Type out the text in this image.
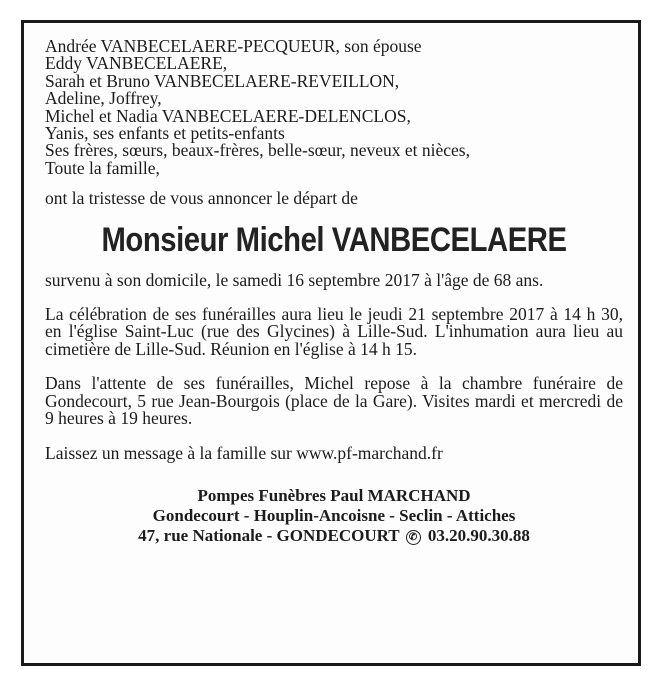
Andrée VANBECELAERE-PECQUEUR, son épouse
Eddy VANBECELAERE,
Sarah et Bruno VANBECELAERE-REVEILLON,
Adeline, Joffrey,
Michel et Nadia VANBECELAERE-DELENCLOS,
Yanis, ses enfants et petits-enfants
Ses frères, sœurs, beaux-frères, belle-sœur, neveux et nièces,
Toute la famille,
ont la tristesse de vous annoncer le départ de
Monsieur Michel VANBECELAERE
survenu à son domicile, le samedi 16 septembre 2017 à l'âge de 68 ans.
La célébration de ses funérailles aura lieu le jeudi 21 septembre 2017 à 14 h 30, en l'église Saint-Luc (rue des Glycines) à Lille-Sud. L'inhumation aura lieu au cimetière de Lille-Sud. Réunion en l'église à 14 h 15.
Dans l'attente de ses funérailles, Michel repose à la chambre funéraire de Gondecourt, 5 rue Jean-Bourgois (place de la Gare). Visites mardi et mercredi de 9 heures à 19 heures.
Laissez un message à la famille sur www.pf-marchand.fr
Pompes Funèbres Paul MARCHAND
Gondecourt - Houplin-Ancoisne - Seclin - Attiches
47, rue Nationale - GONDECOURT ✆ 03.20.90.30.88
